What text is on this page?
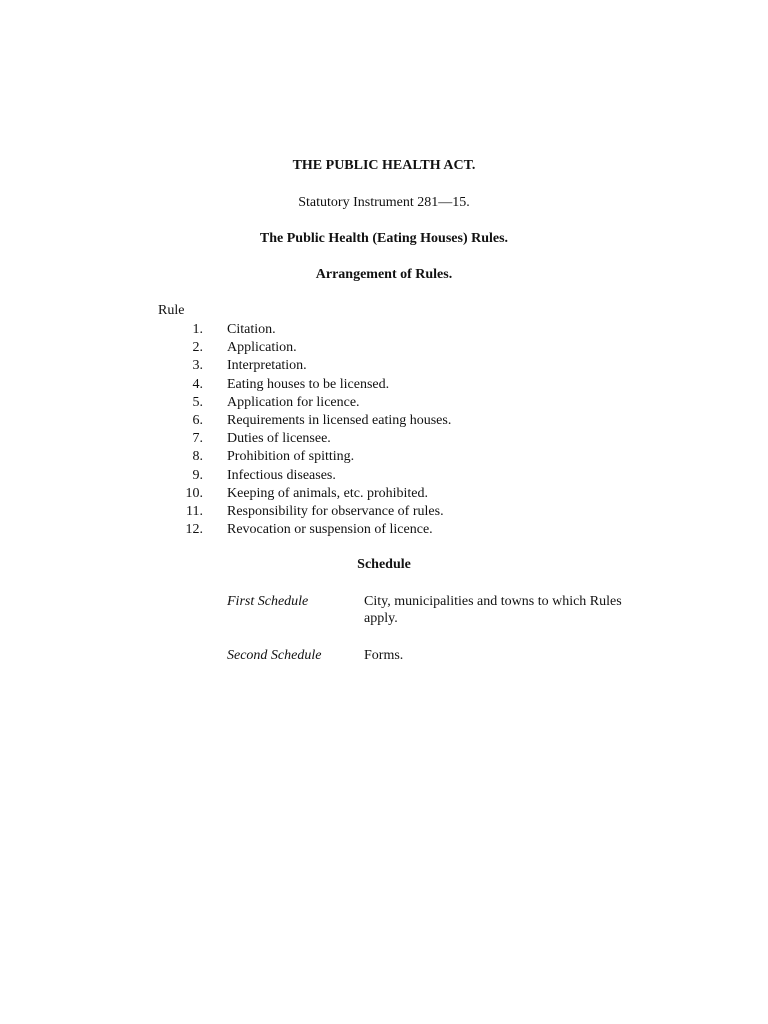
THE PUBLIC HEALTH ACT.
Statutory Instrument 281—15.
The Public Health (Eating Houses) Rules.
Arrangement of Rules.
Rule
1. Citation.
2. Application.
3. Interpretation.
4. Eating houses to be licensed.
5. Application for licence.
6. Requirements in licensed eating houses.
7. Duties of licensee.
8. Prohibition of spitting.
9. Infectious diseases.
10. Keeping of animals, etc. prohibited.
11. Responsibility for observance of rules.
12. Revocation or suspension of licence.
Schedule
First Schedule	City, municipalities and towns to which Rules apply.
Second Schedule	Forms.
